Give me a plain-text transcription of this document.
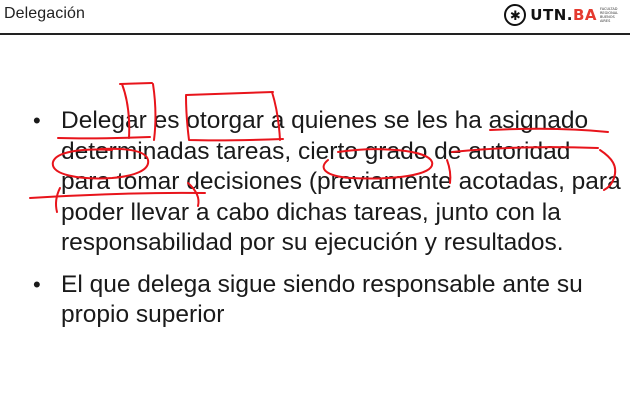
Delegación	✱ UTN.BA FACULTAD REGIONAL BUENOS AIRES
• Delegar es otorgar a quienes se les ha asignado determinadas tareas, cierto grado de autoridad para tomar decisiones (previamente acotadas, para poder llevar a cabo dichas tareas, junto con la responsabilidad por su ejecución y resultados.
• El que delega sigue siendo responsable ante su propio superior
